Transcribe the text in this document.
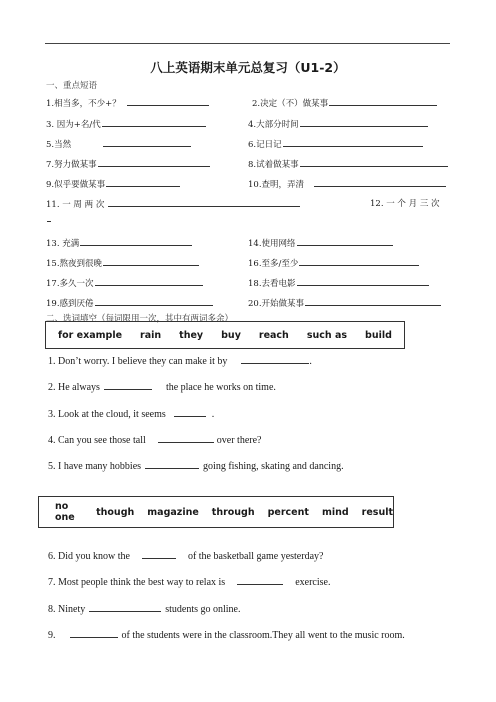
八上英语期末单元总复习（U1-2）
一、重点短语
1.相当多，不少+？	2.决定（不）做某事
3. 因为+名/代	4.大部分时间
5.当然	6.记日记
7.努力做某事	8.试着做某事
9.似乎要做某事	10.查明，弄清
11. 一 周 两 次	12. 一 个 月 三 次
13. 充满	14.使用网络
15.熬夜到很晚	16.至多/至少
17.多久一次	18.去看电影
19.感到厌倦	20.开始做某事
二、选词填空（每词限用一次，其中有两词多余）
for example rain they buy reach such as build
1. Don’t worry. I believe they can make it by	.
2. He always	the place he works on time.
3. Look at the cloud, it seems	.
4. Can you see those tall	over there?
5. I have many hobbies	going fishing, skating and dancing.
no one	though magazine through percent mind result
6. Did you know the	of the basketball game yesterday?
7. Most people think the best way to relax is	exercise.
8. Ninety	students go online.
9.	of the students were in the classroom.They all went to the music room.
